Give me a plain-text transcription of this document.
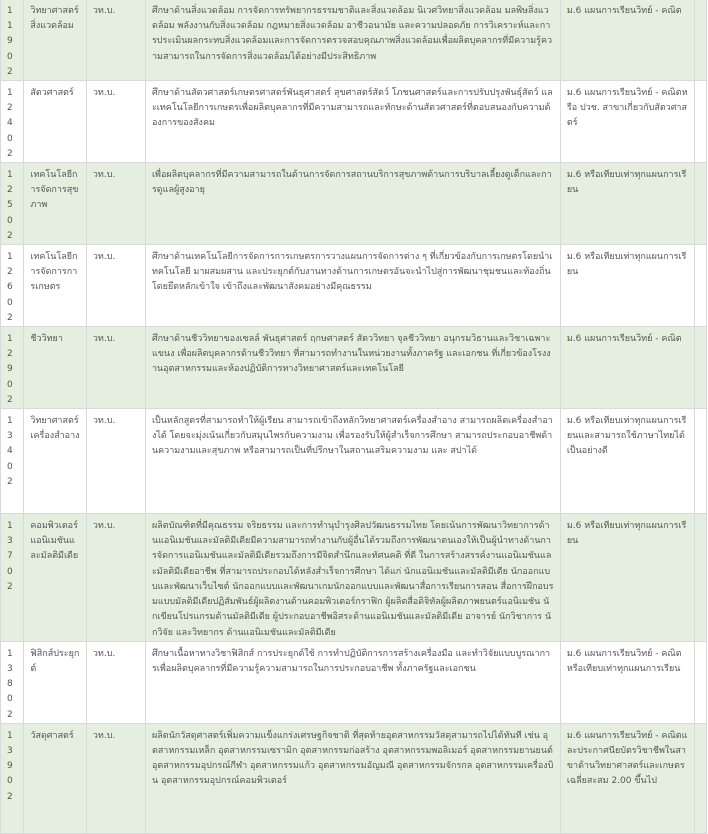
11902	วิทยาศาสตร์สิ่งแวดล้อม	วท.บ.	ศึกษาด้านสิ่งแวดล้อม การจัดการทรัพยากรธรรมชาติและสิ่งแวดล้อม นิเวศวิทยาสิ่งแวดล้อม มลพิษสิ่งแวดล้อม พลังงานกับสิ่งแวดล้อม กฎหมายสิ่งแวดล้อม อาชีวอนามัย และความปลอดภัย การวิเคราะห์และการประเมินผลกระทบสิ่งแวดล้อมและการจัดการตรวจสอบคุณภาพสิ่งแวดล้อมเพื่อผลิตบุคลากรที่มีความรู้ความสามารถในการจัดการสิ่งแวดล้อมได้อย่างมีประสิทธิภาพ	ม.6 แผนการเรียนวิทย์ - คณิต	
12402	สัตวศาสตร์	วท.บ.	ศึกษาด้านสัตวศาสตร์เกษตรศาสตร์พันธุศาสตร์ สุขศาสตร์สัตว์ โภชนศาสตร์และการปรับปรุงพันธุ์สัตว์ และเทคโนโลยีการเกษตรเพื่อผลิตบุคลากรที่มีความสามารถและทักษะด้านสัตวศาสตร์ที่ตอบสนองกับความต้องการของสังคม	ม.6 แผนการเรียนวิทย์ - คณิตหรือ ปวช. สาขาเกี่ยวกับสัตวศาสตร์	
12502	เทคโนโลยีการจัดการสุขภาพ	วท.บ.	เพื่อผลิตบุคลากรที่มีความสามารถในด้านการจัดการสถานบริการสุขภาพด้านการบริบาลเลี้ยงดูเด็กและการดูแลผู้สูงอายุ	ม.6 หรือเทียบเท่าทุกแผนการเรียน	
12602	เทคโนโลยีการจัดการการเกษตร	วท.บ.	ศึกษาด้านเทคโนโลยีการจัดการการเกษตรการวางแผนการจัดการต่าง ๆ ที่เกี่ยวข้องกับการเกษตรโดยนำเทคโนโลยี มาผสมผสาน และประยุกต์กับงานทางด้านการเกษตรอันจะนำไปสู่การพัฒนาชุมชนและท้องถิ่น โดยยึดหลักเข้าใจ เข้าถึงและพัฒนาสังคมอย่างมีคุณธรรม	ม.6 หรือเทียบเท่าทุกแผนการเรียน	
12902	ชีววิทยา	วท.บ.	ศึกษาด้านชีววิทยาของเซลล์ พันธุศาสตร์ ฤกษศาสตร์ สัตววิทยา จุลชีววิทยา อนุกรมวิธานและวิชาเฉพาะแขนง เพื่อผลิตบุคลากรด้านชีววิทยา ที่สามารถทำงานในหน่วยงานทั้งภาครัฐ และเอกชน ที่เกี่ยวข้องโรงงานอุตสาหกรรมและห้องปฏิบัติการทางวิทยาศาสตร์และเทคโนโลยี	ม.6 แผนการเรียนวิทย์ - คณิต	
13402	วิทยาศาสตร์เครื่องสำอาง	วท.บ.	เป็นหลักสูตรที่สามารถทำให้ผู้เรียน สามารถเข้าถึงหลักวิทยาศาสตร์เครื่องสำอาง สามารถผลิตเครื่องสำอางได้ โดยจะมุ่งเน้นเกี่ยวกับสมุนไพรกับความงาม เพื่อรองรับให้ผู้สำเร็จการศึกษา สามารถประกอบอาชีพด้านความงามและสุขภาพ หรือสามารถเป็นที่ปรึกษาในสถานเสริมความงาม และ สปาได้	ม.6 หรือเทียบเท่าทุกแผนการเรียนและสามารถใช้ภาษาไทยได้เป็นอย่างดี	
13702	คอมพิวเตอร์แอนิเมชันและมัลติมีเดีย	วท.บ.	ผลิตบัณฑิตที่มีคุณธรรม จริยธรรม และการทำนุบำรุงศิลปวัฒนธรรมไทย โดยเน้นการพัฒนาวิทยาการด้านแอนิเมชันและมัลติมีเดียมีความสามารถทำงานกับผู้อื่นได้รวมถึงการพัฒนาตนเองให้เป็นผู้นำทางด้านการจัดการแอนิเมชันและมัลติมีเดียรวมถึงการมีจิตสำนึกและทัศนคติ ที่ดี ในการสร้างสรรค์งานแอนิเมชันและมัลติมีเดียอาชีพ ที่สามารถประกอบได้หลังสำเร็จการศึกษา ได้แก่ นักแอนิเมชันและมัลติมีเดีย นักออกแบบและพัฒนาเว็บไซต์ นักออกแบบและพัฒนาเกมนักออกแบบและพัฒนาสื่อการเรียนการสอน สื่อการฝึกอบรมแบบมัลติมีเดียปฏิสัมพันธ์ผู้ผลิตงานด้านคอมพิวเตอร์กราฟิก ผู้ผลิตสื่อดิจิทัลผู้ผลิตภาพยนตร์แอนิเมชัน นักเขียนโปรแกรมด้านมัลติมีเดีย ผู้ประกอบอาชีพอิสระด้านแอนิเมชันและมัลติมีเดีย อาจารย์ นักวิชาการ นักวิจัย และวิทยากร ด้านแอนิเมชันและมัลติมีเดีย	ม.6 หรือเทียบเท่าทุกแผนการเรียน	
13802	ฟิสิกส์ประยุกต์	วท.บ.	ศึกษาเนื้อหาทางวิชาฟิสิกส์ การประยุกต์ใช้ การทำปฏิบัติการการสร้างเครื่องมือ และทำวิจัยแบบบูรณาการเพื่อผลิตบุคลากรที่มีความรู้ความสามารถในการประกอบอาชีพ ทั้งภาครัฐและเอกชน	ม.6 แผนการเรียนวิทย์ - คณิต หรือเทียบเท่าทุกแผนการเรียน	
13902	วัสดุศาสตร์	วท.บ.	ผลิตนักวัสดุศาสตร์เพิ่มความแข็งแกร่งเศรษฐกิจชาติ ที่สุดท้ายอุตสาหกรรมวัสดุสามารถไปได้ทันที เช่น อุตสาหกรรมเหล็ก อุตสาหกรรมเซรามิก อุตสาหกรรมก่อสร้าง อุตสาหกรรมพอลิเมอร์ อุตสาหกรรมยานยนต์ อุตสาหกรรมอุปกรณ์กีฬา อุตสาหกรรมแก้ว อุตสาหกรรมอัญมณี อุตสาหกรรมจักรกล อุตสาหกรรมเครื่องบิน อุตสาหกรรมอุปกรณ์คอมพิวเตอร์	ม.6 แผนการเรียนวิทย์ - คณิตและประกาศนียบัตรวิชาชีพในสาขาด้านวิทยาศาสตร์และเกษตรเฉลี่ยสะสม 2.00 ขึ้นไป	
